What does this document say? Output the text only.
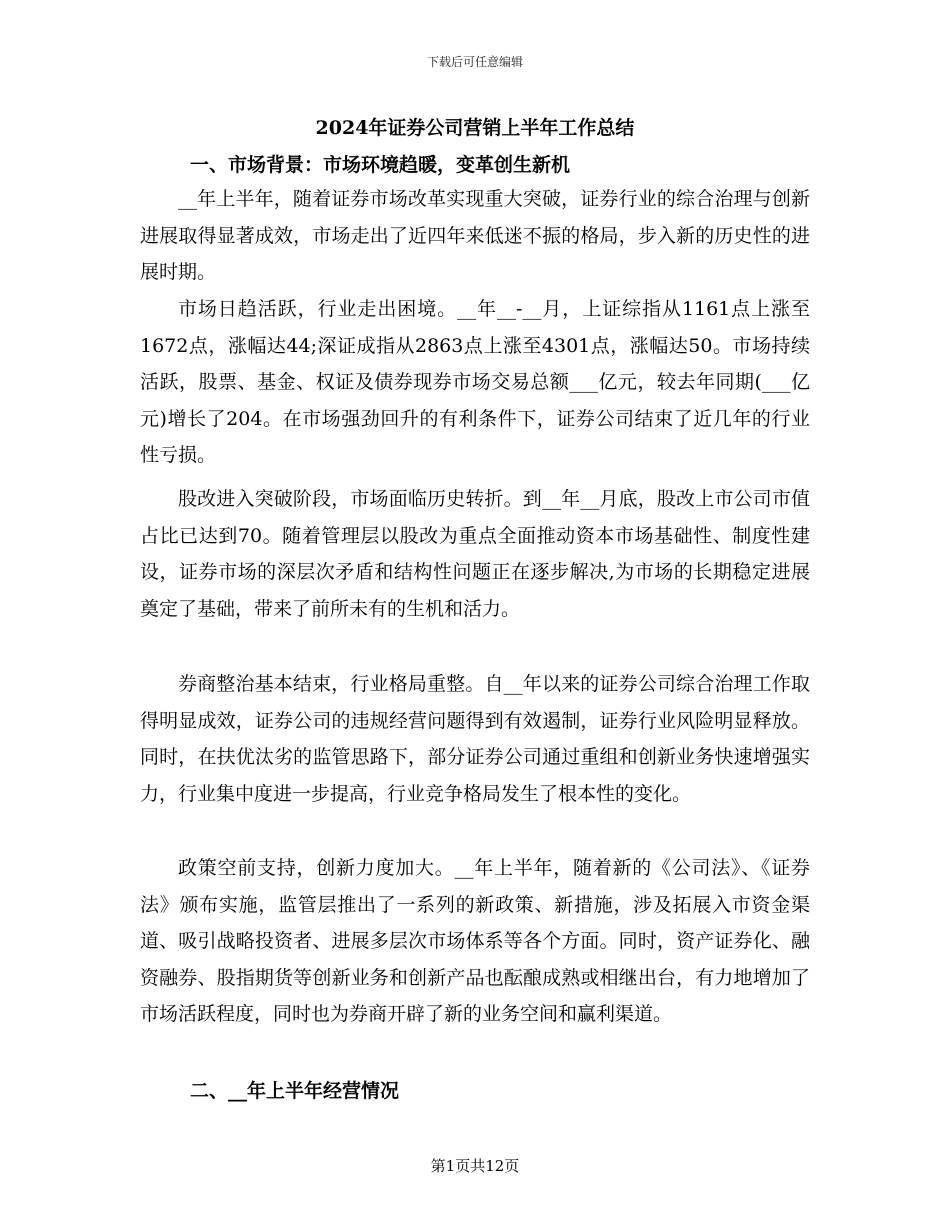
下载后可任意编辑
2024年证券公司营销上半年工作总结
一、市场背景：市场环境趋暖，变革创生新机

__年上半年，随着证券市场改革实现重大突破，证券行业的综合治理与创新进展取得显著成效，市场走出了近四年来低迷不振的格局，步入新的历史性的进展时期。

市场日趋活跃，行业走出困境。__年__-__月，上证综指从1161点上涨至1672点，涨幅达44;深证成指从2863点上涨至4301点，涨幅达50。市场持续活跃，股票、基金、权证及债券现券市场交易总额___亿元，较去年同期(___亿元)增长了204。在市场强劲回升的有利条件下，证券公司结束了近几年的行业性亏损。

股改进入突破阶段，市场面临历史转折。到__年__月底，股改上市公司市值占比已达到70。随着管理层以股改为重点全面推动资本市场基础性、制度性建设，证券市场的深层次矛盾和结构性问题正在逐步解决,为市场的长期稳定进展奠定了基础，带来了前所未有的生机和活力。

券商整治基本结束，行业格局重整。自__年以来的证券公司综合治理工作取得明显成效，证券公司的违规经营问题得到有效遏制，证券行业风险明显释放。同时，在扶优汰劣的监管思路下，部分证券公司通过重组和创新业务快速增强实力，行业集中度进一步提高，行业竞争格局发生了根本性的变化。

政策空前支持，创新力度加大。__年上半年，随着新的《公司法》、《证券法》颁布实施，监管层推出了一系列的新政策、新措施，涉及拓展入市资金渠道、吸引战略投资者、进展多层次市场体系等各个方面。同时，资产证券化、融资融券、股指期货等创新业务和创新产品也酝酿成熟或相继出台，有力地增加了市场活跃程度，同时也为券商开辟了新的业务空间和赢利渠道。

二、__年上半年经营情况
第1页共12页
